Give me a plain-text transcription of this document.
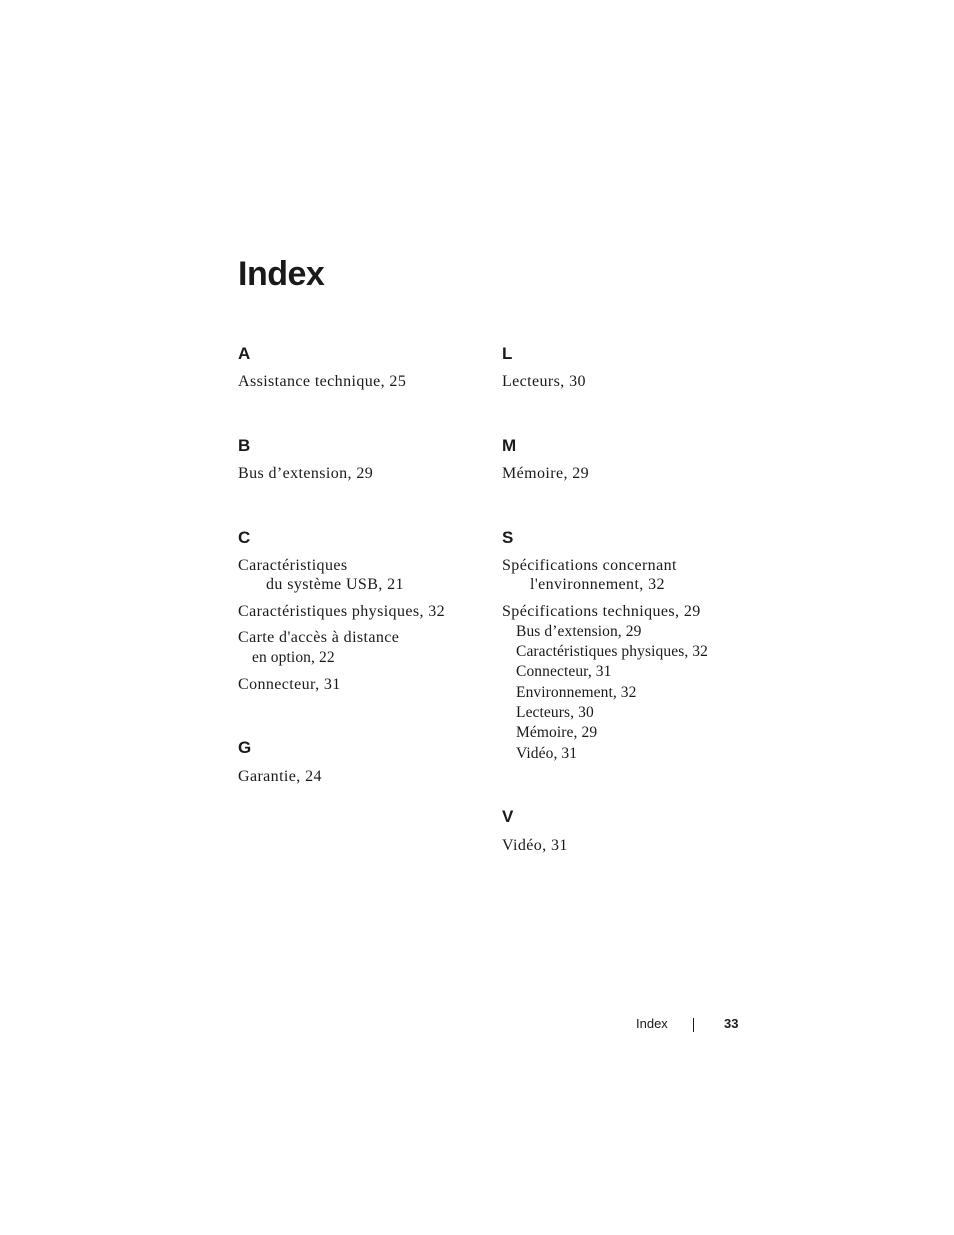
Index
A
Assistance technique, 25
B
Bus d’extension, 29
C
Caractéristiques
du système USB, 21
Caractéristiques physiques, 32
Carte d'accès à distance
en option, 22
Connecteur, 31
G
Garantie, 24
L
Lecteurs, 30
M
Mémoire, 29
S
Spécifications concernant
l'environnement, 32
Spécifications techniques, 29
Bus d’extension, 29
Caractéristiques physiques, 32
Connecteur, 31
Environnement, 32
Lecteurs, 30
Mémoire, 29
Vidéo, 31
V
Vidéo, 31
Index	33
